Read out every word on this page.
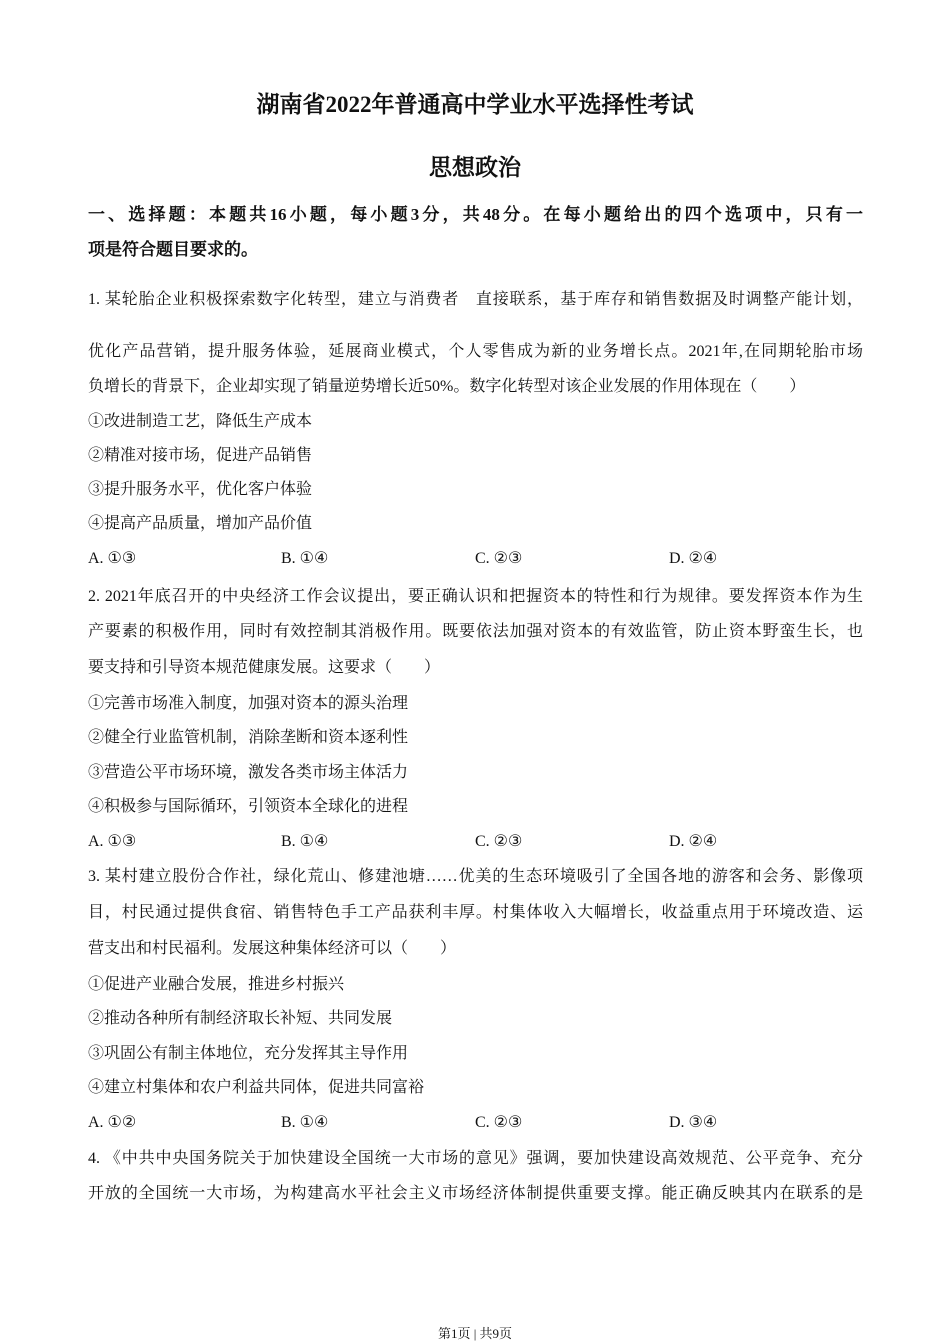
湖南省2022年普通高中学业水平选择性考试
思想政治
一、选择题：本题共16小题，每小题3分，共48分。在每小题给出的四个选项中，只有一
项是符合题目要求的。
1. 某轮胎企业积极探索数字化转型，建立与消费者　直接联系，基于库存和销售数据及时调整产能计划，
优化产品营销，提升服务体验，延展商业模式，个人零售成为新的业务增长点。2021年,在同期轮胎市场
负增长的背景下，企业却实现了销量逆势增长近50%。数字化转型对该企业发展的作用体现在（　　）
①改进制造工艺，降低生产成本
②精准对接市场，促进产品销售
③提升服务水平，优化客户体验
④提高产品质量，增加产品价值
A. ①③	B. ①④	C. ②③	D. ②④
2. 2021年底召开的中央经济工作会议提出，要正确认识和把握资本的特性和行为规律。要发挥资本作为生
产要素的积极作用，同时有效控制其消极作用。既要依法加强对资本的有效监管，防止资本野蛮生长，也
要支持和引导资本规范健康发展。这要求（　　）
①完善市场准入制度，加强对资本的源头治理
②健全行业监管机制，消除垄断和资本逐利性
③营造公平市场环境，激发各类市场主体活力
④积极参与国际循环，引领资本全球化的进程
A. ①③	B. ①④	C. ②③	D. ②④
3. 某村建立股份合作社，绿化荒山、修建池塘……优美的生态环境吸引了全国各地的游客和会务、影像项
目，村民通过提供食宿、销售特色手工产品获利丰厚。村集体收入大幅增长，收益重点用于环境改造、运
营支出和村民福利。发展这种集体经济可以（　　）
①促进产业融合发展，推进乡村振兴
②推动各种所有制经济取长补短、共同发展
③巩固公有制主体地位，充分发挥其主导作用
④建立村集体和农户利益共同体，促进共同富裕
A. ①②	B. ①④	C. ②③	D. ③④
4. 《中共中央国务院关于加快建设全国统一大市场的意见》强调，要加快建设高效规范、公平竞争、充分
开放的全国统一大市场，为构建高水平社会主义市场经济体制提供重要支撑。能正确反映其内在联系的是
第1页 | 共9页
